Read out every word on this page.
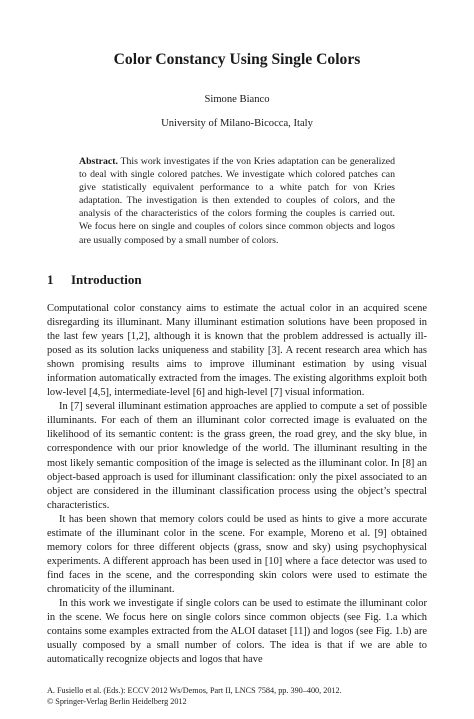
Color Constancy Using Single Colors
Simone Bianco
University of Milano-Bicocca, Italy
Abstract. This work investigates if the von Kries adaptation can be generalized to deal with single colored patches. We investigate which colored patches can give statistically equivalent performance to a white patch for von Kries adaptation. The investigation is then extended to couples of colors, and the analysis of the characteristics of the colors forming the couples is carried out. We focus here on single and couples of colors since common objects and logos are usually composed by a small number of colors.
1 Introduction

Computational color constancy aims to estimate the actual color in an acquired scene disregarding its illuminant. Many illuminant estimation solutions have been proposed in the last few years [1,2], although it is known that the problem addressed is actually ill-posed as its solution lacks uniqueness and stability [3]. A recent research area which has shown promising results aims to improve illuminant estimation by using visual information automatically extracted from the images. The existing algorithms exploit both low-level [4,5], intermediate-level [6] and high-level [7] visual information.

In [7] several illuminant estimation approaches are applied to compute a set of possible illuminants. For each of them an illuminant color corrected image is evaluated on the likelihood of its semantic content: is the grass green, the road grey, and the sky blue, in correspondence with our prior knowledge of the world. The illuminant resulting in the most likely semantic composition of the image is selected as the illuminant color. In [8] an object-based approach is used for illuminant classification: only the pixel associated to an object are considered in the illuminant classification process using the object’s spectral characteristics.

It has been shown that memory colors could be used as hints to give a more accurate estimate of the illuminant color in the scene. For example, Moreno et al. [9] obtained memory colors for three different objects (grass, snow and sky) using psychophysical experiments. A different approach has been used in [10] where a face detector was used to find faces in the scene, and the corresponding skin colors were used to estimate the chromaticity of the illuminant.

In this work we investigate if single colors can be used to estimate the illuminant color in the scene. We focus here on single colors since common objects (see Fig. 1.a which contains some examples extracted from the ALOI dataset [11]) and logos (see Fig. 1.b) are usually composed by a small number of colors. The idea is that if we are able to automatically recognize objects and logos that have

A. Fusiello et al. (Eds.): ECCV 2012 Ws/Demos, Part II, LNCS 7584, pp. 390–400, 2012.
© Springer-Verlag Berlin Heidelberg 2012
